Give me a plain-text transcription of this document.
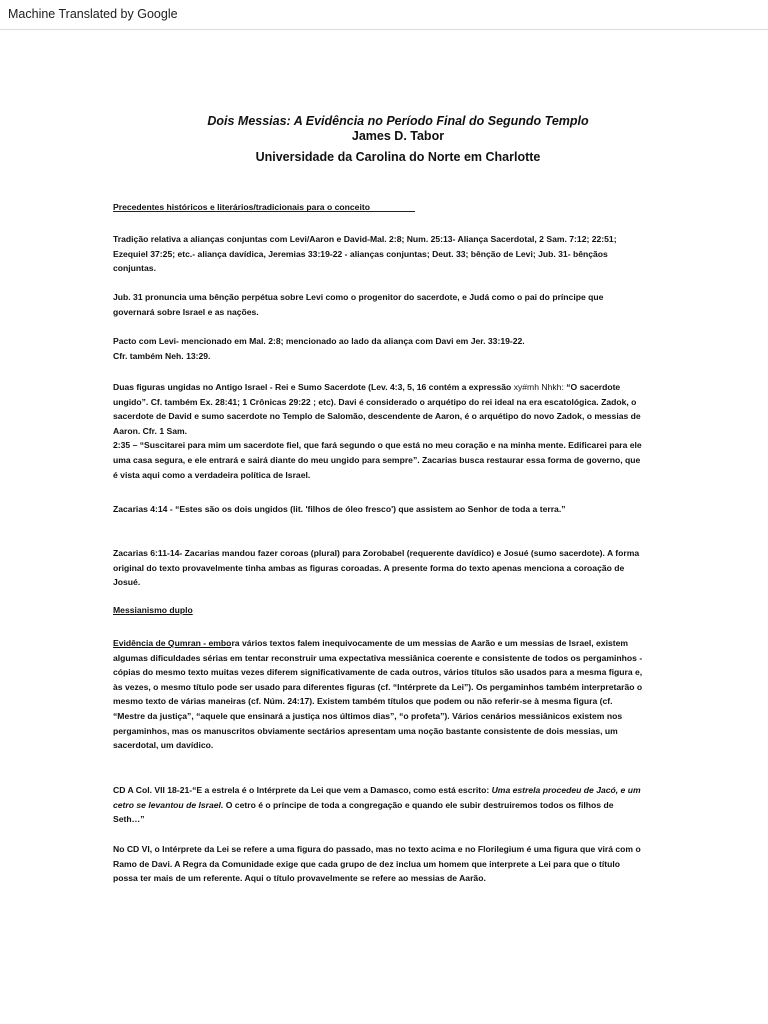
Machine Translated by Google
Dois Messias: A Evidência no Período Final do Segundo Templo
James D. Tabor
Universidade da Carolina do Norte em Charlotte
Precedentes históricos e literários/tradicionais para o conceito
Tradição relativa a alianças conjuntas com Levi/Aaron e David-Mal. 2:8; Num. 25:13- Aliança Sacerdotal, 2 Sam. 7:12; 22:51; Ezequiel 37:25; etc.- aliança davídica, Jeremias 33:19-22 - alianças conjuntas; Deut. 33; bênção de Levi; Jub. 31- bênçãos conjuntas.
Jub. 31 pronuncia uma bênção perpétua sobre Levi como o progenitor do sacerdote, e Judá como o pai do príncipe que governará sobre Israel e as nações.
Pacto com Levi- mencionado em Mal. 2:8; mencionado ao lado da aliança com Davi em Jer. 33:19-22.
Cfr. também Neh. 13:29.
Duas figuras ungidas no Antigo Israel - Rei e Sumo Sacerdote (Lev. 4:3, 5, 16 contém a expressão xy#mh Nhkh: “O sacerdote ungido”. Cf. também Ex. 28:41; 1 Crônicas 29:22 ; etc). Davi é considerado o arquétipo do rei ideal na era escatológica. Zadok, o sacerdote de David e sumo sacerdote no Templo de Salomão, descendente de Aaron, é o arquétipo do novo Zadok, o messias de Aaron. Cfr. 1 Sam.
2:35 – “Suscitarei para mim um sacerdote fiel, que fará segundo o que está no meu coração e na minha mente. Edificarei para ele uma casa segura, e ele entrará e sairá diante do meu ungido para sempre”. Zacarias busca restaurar essa forma de governo, que é vista aqui como a verdadeira política de Israel.
Zacarias 4:14 - “Estes são os dois ungidos (lit. 'filhos de óleo fresco') que assistem ao Senhor de toda a terra.”
Zacarias 6:11-14- Zacarias mandou fazer coroas (plural) para Zorobabel (requerente davídico) e Josué (sumo sacerdote). A forma original do texto provavelmente tinha ambas as figuras coroadas. A presente forma do texto apenas menciona a coroação de Josué.
Messianismo duplo
Evidência de Qumran - embora vários textos falem inequivocamente de um messias de Aarão e um messias de Israel, existem algumas dificuldades sérias em tentar reconstruir uma expectativa messiânica coerente e consistente de todos os pergaminhos - cópias do mesmo texto muitas vezes diferem significativamente de cada outros, vários títulos são usados para a mesma figura e, às vezes, o mesmo título pode ser usado para diferentes figuras (cf. “Intérprete da Lei”). Os pergaminhos também interpretarão o mesmo texto de várias maneiras (cf. Núm. 24:17). Existem também títulos que podem ou não referir-se à mesma figura (cf. “Mestre da justiça”, “aquele que ensinará a justiça nos últimos dias”, “o profeta”). Vários cenários messiânicos existem nos pergaminhos, mas os manuscritos obviamente sectários apresentam uma noção bastante consistente de dois messias, um sacerdotal, um davídico.
CD A Col. VII 18-21-“E a estrela é o Intérprete da Lei que vem a Damasco, como está escrito: Uma estrela procedeu de Jacó, e um cetro se levantou de Israel. O cetro é o príncipe de toda a congregação e quando ele subir destruiremos todos os filhos de Seth…”
No CD VI, o Intérprete da Lei se refere a uma figura do passado, mas no texto acima e no Florilegium é uma figura que virá com o Ramo de Davi. A Regra da Comunidade exige que cada grupo de dez inclua um homem que interprete a Lei para que o título possa ter mais de um referente. Aqui o título provavelmente se refere ao messias de Aarão.
